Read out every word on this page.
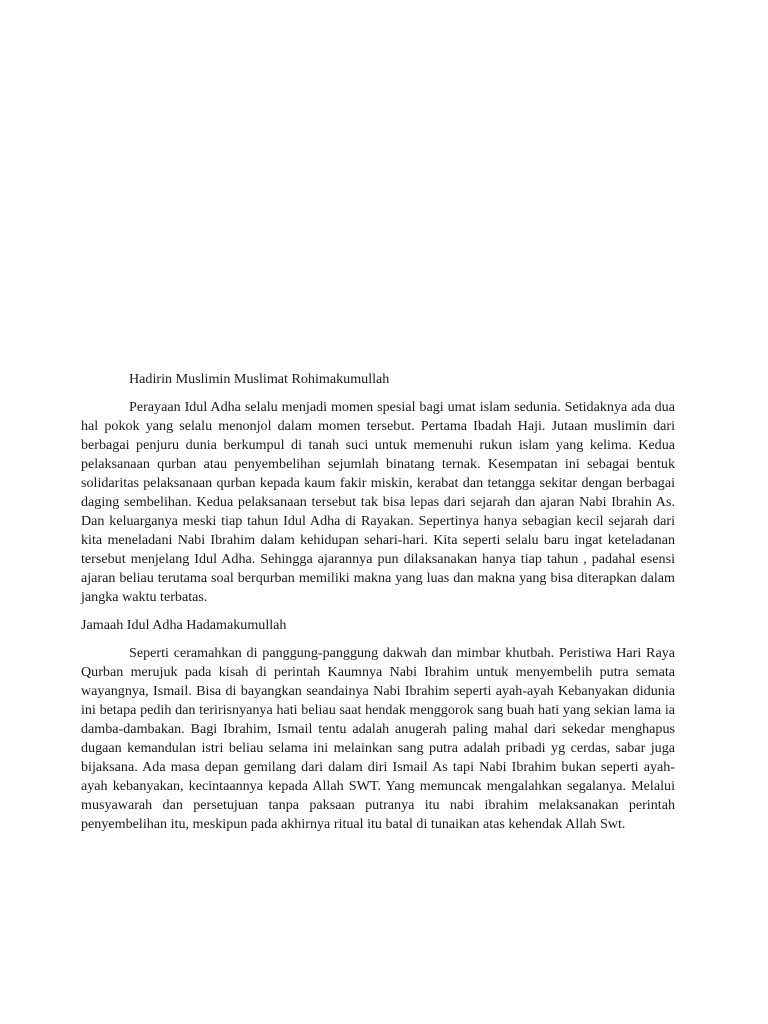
Hadirin Muslimin Muslimat Rohimakumullah

Perayaan Idul Adha selalu menjadi momen spesial bagi umat islam sedunia. Setidaknya ada dua hal pokok yang selalu menonjol dalam momen tersebut. Pertama Ibadah Haji. Jutaan muslimin dari berbagai penjuru dunia berkumpul di tanah suci untuk memenuhi rukun islam yang kelima. Kedua pelaksanaan qurban atau penyembelihan sejumlah binatang ternak. Kesempatan ini sebagai bentuk solidaritas pelaksanaan qurban kepada kaum fakir miskin, kerabat dan tetangga sekitar dengan berbagai daging sembelihan. Kedua pelaksanaan tersebut tak bisa lepas dari sejarah dan ajaran Nabi Ibrahin As. Dan keluarganya meski tiap tahun Idul Adha di Rayakan. Sepertinya hanya sebagian kecil sejarah dari kita meneladani Nabi Ibrahim dalam kehidupan sehari-hari. Kita seperti selalu baru ingat keteladanan tersebut menjelang Idul Adha. Sehingga ajarannya pun dilaksanakan hanya tiap tahun , padahal esensi ajaran beliau terutama soal berqurban memiliki makna yang luas dan makna yang bisa diterapkan dalam jangka waktu terbatas.

Jamaah Idul Adha Hadamakumullah

Seperti ceramahkan di panggung-panggung dakwah dan mimbar khutbah. Peristiwa Hari Raya Qurban merujuk pada kisah di perintah Kaumnya Nabi Ibrahim untuk menyembelih putra semata wayangnya, Ismail. Bisa di bayangkan seandainya Nabi Ibrahim seperti ayah-ayah Kebanyakan didunia ini betapa pedih dan teririsnyanya hati beliau saat hendak menggorok sang buah hati yang sekian lama ia damba-dambakan. Bagi Ibrahim, Ismail tentu adalah anugerah paling mahal dari sekedar menghapus dugaan kemandulan istri beliau selama ini melainkan sang putra adalah pribadi yg cerdas, sabar juga bijaksana. Ada masa depan gemilang dari dalam diri Ismail As tapi Nabi Ibrahim bukan seperti ayah-ayah kebanyakan, kecintaannya kepada Allah SWT. Yang memuncak mengalahkan segalanya. Melalui musyawarah dan persetujuan tanpa paksaan putranya itu nabi ibrahim melaksanakan perintah penyembelihan itu, meskipun pada akhirnya ritual itu batal di tunaikan atas kehendak Allah Swt.
